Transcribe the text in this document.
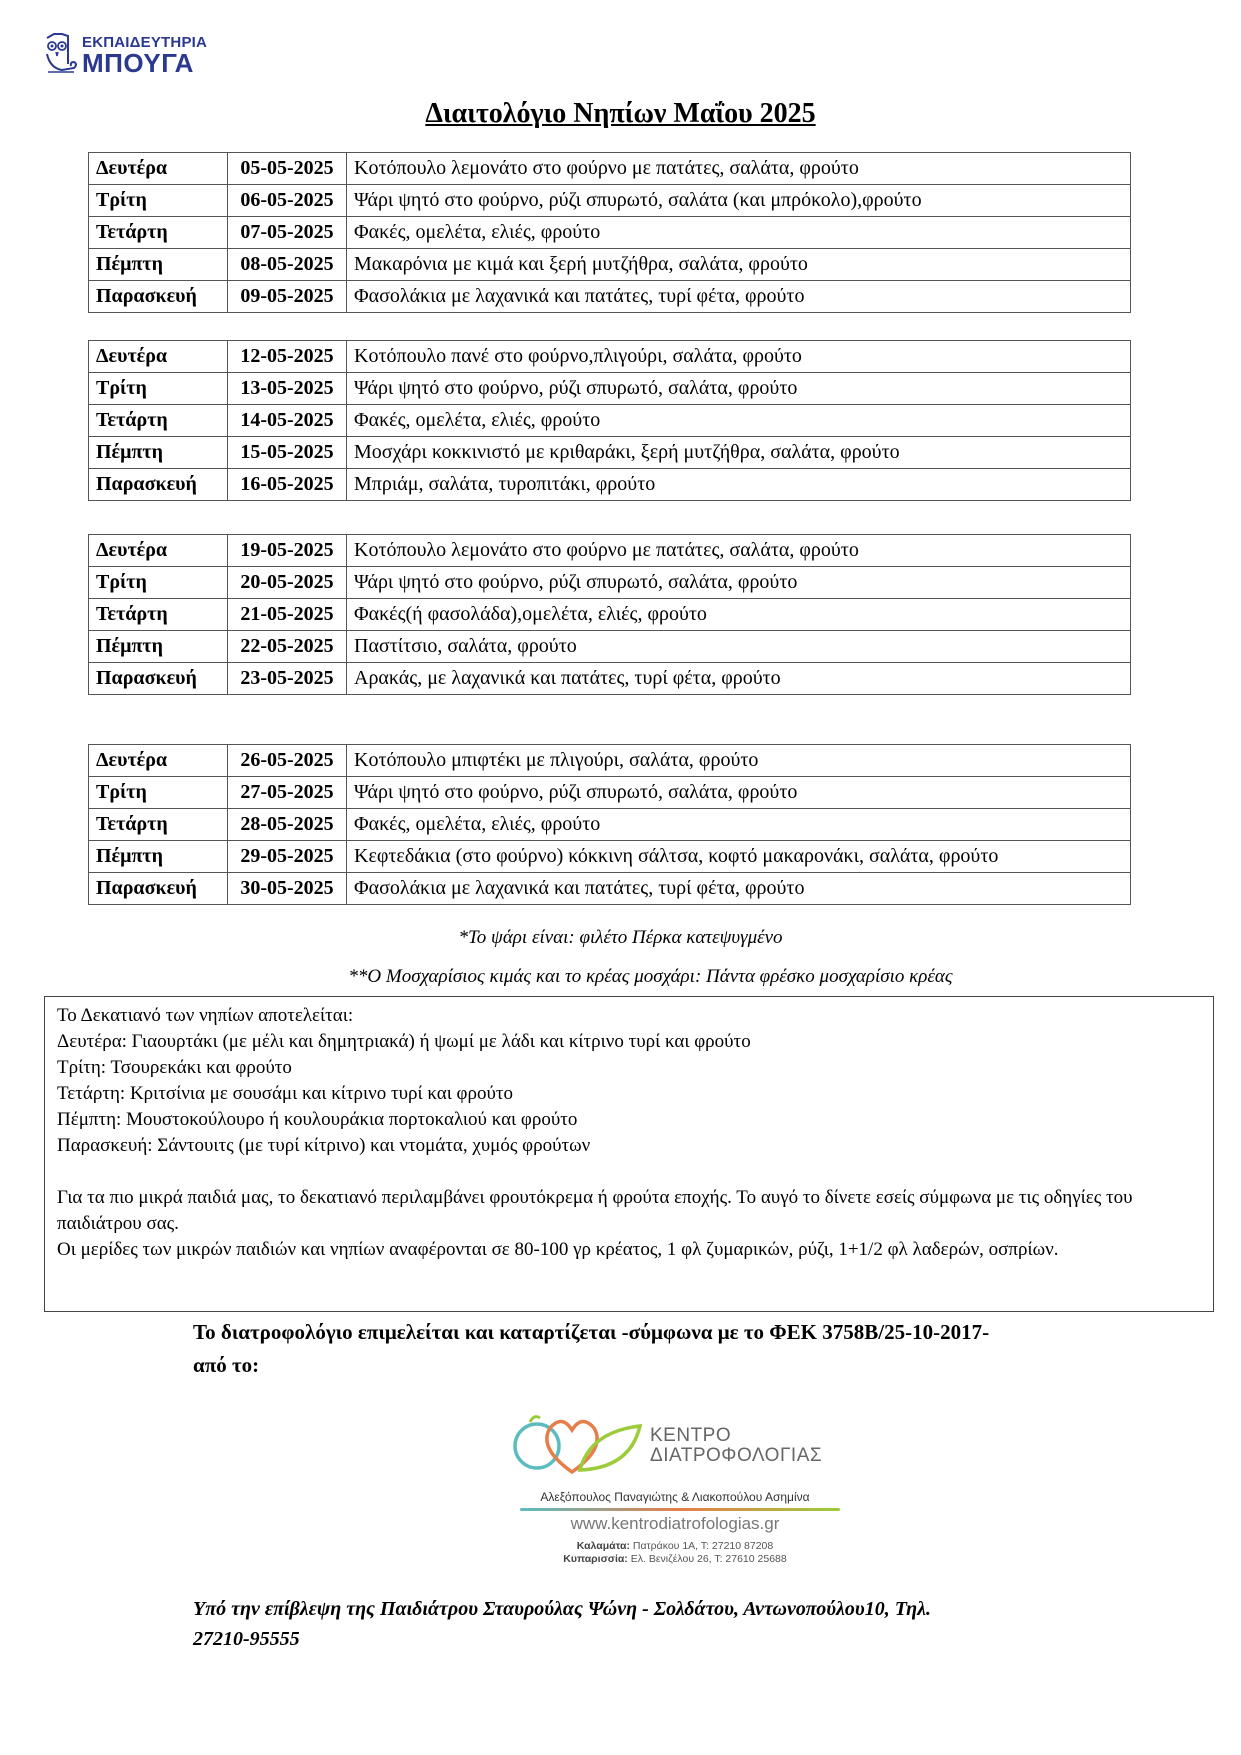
ΕΚΠΑΙΔΕΥΤΗΡΙΑ
ΜΠΟΥΓΑ
Διαιτολόγιο Νηπίων Μαΐου 2025
Δευτέρα	05-05-2025	Κοτόπουλο λεμονάτο στο φούρνο με πατάτες, σαλάτα, φρούτο
Τρίτη	06-05-2025	Ψάρι ψητό στο φούρνο, ρύζι σπυρωτό, σαλάτα (και μπρόκολο),φρούτο
Τετάρτη	07-05-2025	Φακές, ομελέτα, ελιές, φρούτο
Πέμπτη	08-05-2025	Μακαρόνια με κιμά και ξερή μυτζήθρα, σαλάτα, φρούτο
Παρασκευή	09-05-2025	Φασολάκια με λαχανικά και πατάτες, τυρί φέτα, φρούτο
Δευτέρα	12-05-2025	Κοτόπουλο πανέ στο φούρνο,πλιγούρι, σαλάτα, φρούτο
Τρίτη	13-05-2025	Ψάρι ψητό στο φούρνο, ρύζι σπυρωτό, σαλάτα, φρούτο
Τετάρτη	14-05-2025	Φακές, ομελέτα, ελιές, φρούτο
Πέμπτη	15-05-2025	Μοσχάρι κοκκινιστό με κριθαράκι, ξερή μυτζήθρα, σαλάτα, φρούτο
Παρασκευή	16-05-2025	Μπριάμ, σαλάτα, τυροπιτάκι, φρούτο
Δευτέρα	19-05-2025	Κοτόπουλο λεμονάτο στο φούρνο με πατάτες, σαλάτα, φρούτο
Τρίτη	20-05-2025	Ψάρι ψητό στο φούρνο, ρύζι σπυρωτό, σαλάτα, φρούτο
Τετάρτη	21-05-2025	Φακές(ή φασολάδα),ομελέτα, ελιές, φρούτο
Πέμπτη	22-05-2025	Παστίτσιο, σαλάτα, φρούτο
Παρασκευή	23-05-2025	Αρακάς, με λαχανικά και πατάτες, τυρί φέτα, φρούτο
Δευτέρα	26-05-2025	Κοτόπουλο μπιφτέκι με πλιγούρι, σαλάτα, φρούτο
Τρίτη	27-05-2025	Ψάρι ψητό στο φούρνο, ρύζι σπυρωτό, σαλάτα, φρούτο
Τετάρτη	28-05-2025	Φακές, ομελέτα, ελιές, φρούτο
Πέμπτη	29-05-2025	Κεφτεδάκια (στο φούρνο) κόκκινη σάλτσα, κοφτό μακαρονάκι, σαλάτα, φρούτο
Παρασκευή	30-05-2025	Φασολάκια με λαχανικά και πατάτες, τυρί φέτα, φρούτο
*Το ψάρι είναι: φιλέτο Πέρκα κατεψυγμένο
**Ο Μοσχαρίσιος κιμάς και το κρέας μοσχάρι: Πάντα φρέσκο μοσχαρίσιο κρέας

Το Δεκατιανό των νηπίων αποτελείται:

Δευτέρα: Γιαουρτάκι (με μέλι και δημητριακά) ή ψωμί με λάδι και κίτρινο τυρί και φρούτο

Τρίτη: Τσουρεκάκι και φρούτο

Τετάρτη: Κριτσίνια με σουσάμι και κίτρινο τυρί και φρούτο

Πέμπτη: Μουστοκούλουρο ή κουλουράκια πορτοκαλιού και φρούτο

Παρασκευή: Σάντουιτς (με τυρί κίτρινο) και ντομάτα, χυμός φρούτων

Για τα πιο μικρά παιδιά μας, το δεκατιανό περιλαμβάνει φρουτόκρεμα ή φρούτα εποχής. Το αυγό το δίνετε εσείς σύμφωνα με τις οδηγίες του παιδιάτρου σας.

Οι μερίδες των μικρών παιδιών και νηπίων αναφέρονται σε 80-100 γρ κρέατος, 1 φλ ζυμαρικών, ρύζι, 1+1/2 φλ λαδερών, οσπρίων.

Το διατροφολόγιο επιμελείται και καταρτίζεται -σύμφωνα με το ΦΕΚ 3758Β/25-10-2017-
από το:
ΚΕΝΤΡΟ
ΔΙΑΤΡΟΦΟΛΟΓΙΑΣ
Αλεξόπουλος Παναγιώτης & Λιακοπούλου Ασημίνα
www.kentrodiatrofologias.gr
Καλαμάτα: Πατράκου 1Α, Τ: 27210 87208
Κυπαρισσία: Ελ. Βενιζέλου 26, Τ: 27610 25688
Υπό την επίβλεψη της Παιδιάτρου Σταυρούλας Ψώνη - Σολδάτου, Αντωνοπούλου10, Τηλ.
27210-95555
